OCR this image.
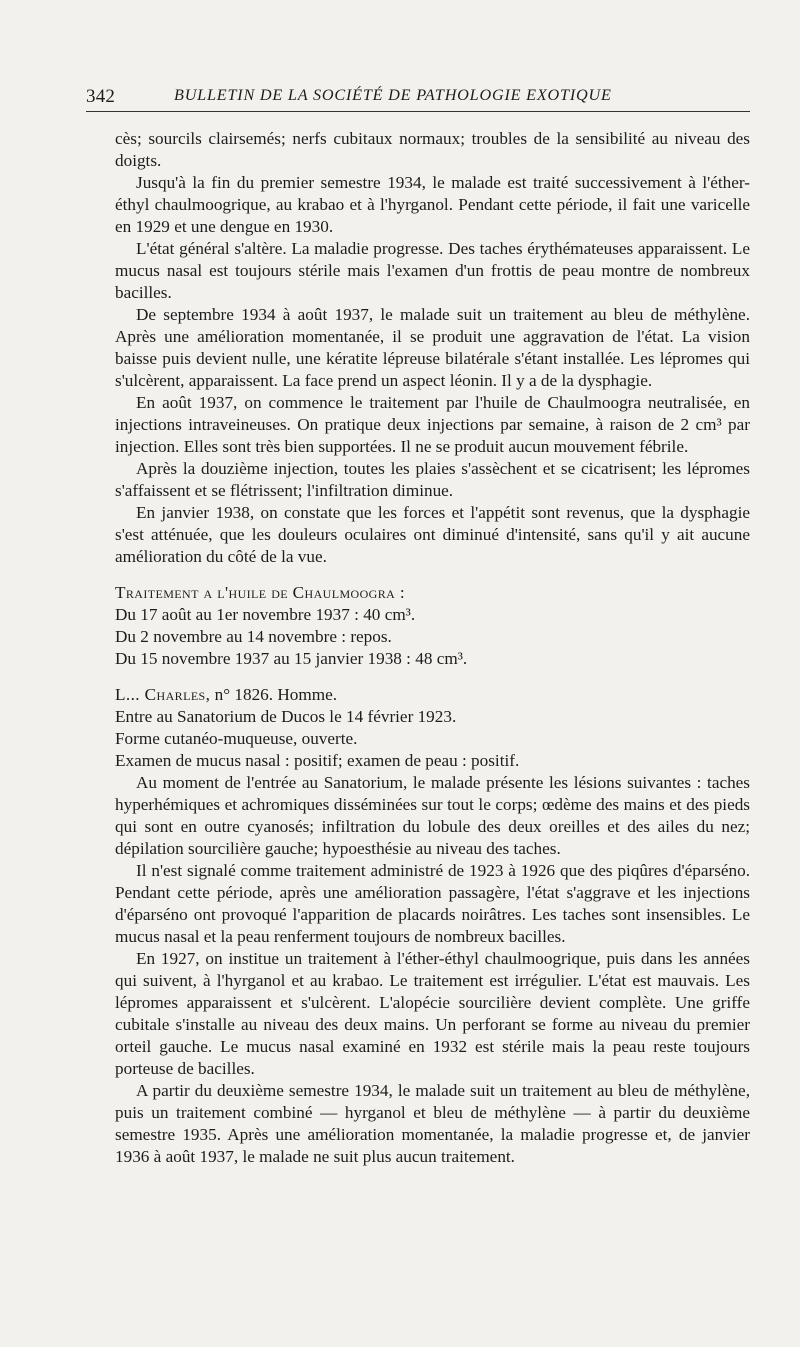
342	BULLETIN DE LA SOCIÉTÉ DE PATHOLOGIE EXOTIQUE

cès; sourcils clairsemés; nerfs cubitaux normaux; troubles de la sensibilité au niveau des doigts.

Jusqu'à la fin du premier semestre 1934, le malade est traité successivement à l'éther-éthyl chaulmoogrique, au krabao et à l'hyrganol. Pendant cette période, il fait une varicelle en 1929 et une dengue en 1930.

L'état général s'altère. La maladie progresse. Des taches érythémateuses apparaissent. Le mucus nasal est toujours stérile mais l'examen d'un frottis de peau montre de nombreux bacilles.

De septembre 1934 à août 1937, le malade suit un traitement au bleu de méthylène. Après une amélioration momentanée, il se produit une aggravation de l'état. La vision baisse puis devient nulle, une kératite lépreuse bilatérale s'étant installée. Les lépromes qui s'ulcèrent, apparaissent. La face prend un aspect léonin. Il y a de la dysphagie.

En août 1937, on commence le traitement par l'huile de Chaulmoogra neutralisée, en injections intraveineuses. On pratique deux injections par semaine, à raison de 2 cm³ par injection. Elles sont très bien supportées. Il ne se produit aucun mouvement fébrile.

Après la douzième injection, toutes les plaies s'assèchent et se cicatrisent; les lépromes s'affaissent et se flétrissent; l'infiltration diminue.

En janvier 1938, on constate que les forces et l'appétit sont revenus, que la dysphagie s'est atténuée, que les douleurs oculaires ont diminué d'intensité, sans qu'il y ait aucune amélioration du côté de la vue.

Traitement a l'huile de Chaulmoogra :

Du 17 août au 1er novembre 1937 : 40 cm³.

Du 2 novembre au 14 novembre : repos.

Du 15 novembre 1937 au 15 janvier 1938 : 48 cm³.

L... Charles, n° 1826. Homme.

Entre au Sanatorium de Ducos le 14 février 1923.

Forme cutanéo-muqueuse, ouverte.

Examen de mucus nasal : positif; examen de peau : positif.

Au moment de l'entrée au Sanatorium, le malade présente les lésions suivantes : taches hyperhémiques et achromiques disséminées sur tout le corps; œdème des mains et des pieds qui sont en outre cyanosés; infiltration du lobule des deux oreilles et des ailes du nez; dépilation sourcilière gauche; hypoesthésie au niveau des taches.

Il n'est signalé comme traitement administré de 1923 à 1926 que des piqûres d'éparséno. Pendant cette période, après une amélioration passagère, l'état s'aggrave et les injections d'éparséno ont provoqué l'apparition de placards noirâtres. Les taches sont insensibles. Le mucus nasal et la peau renferment toujours de nombreux bacilles.

En 1927, on institue un traitement à l'éther-éthyl chaulmoogrique, puis dans les années qui suivent, à l'hyrganol et au krabao. Le traitement est irrégulier. L'état est mauvais. Les lépromes apparaissent et s'ulcèrent. L'alopécie sourcilière devient complète. Une griffe cubitale s'installe au niveau des deux mains. Un perforant se forme au niveau du premier orteil gauche. Le mucus nasal examiné en 1932 est stérile mais la peau reste toujours porteuse de bacilles.

A partir du deuxième semestre 1934, le malade suit un traitement au bleu de méthylène, puis un traitement combiné — hyrganol et bleu de méthylène — à partir du deuxième semestre 1935. Après une amélioration momentanée, la maladie progresse et, de janvier 1936 à août 1937, le malade ne suit plus aucun traitement.
